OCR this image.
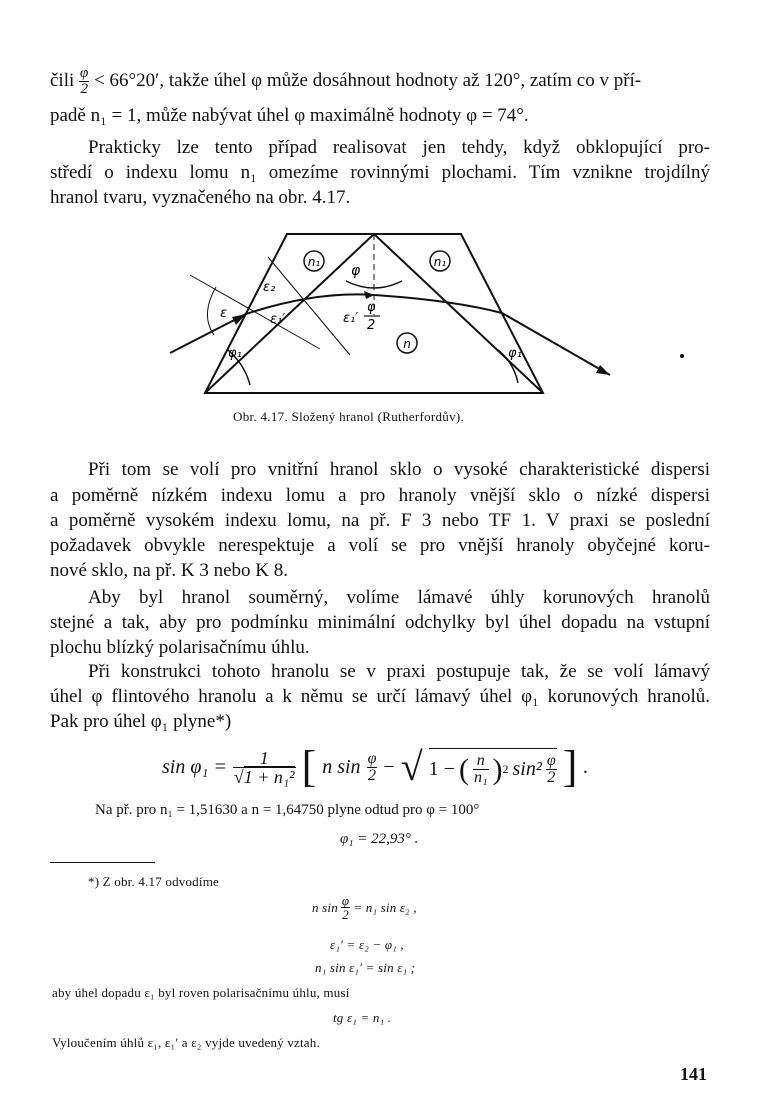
čili $\frac{\varphi}{2} < 66^\circ 20'$, takže úhel φ může dosáhnout hodnoty až 120°, zatím co v pří-
padě n₁ = 1, může nabývat úhel φ maximálně hodnoty φ = 74°.
Prakticky lze tento případ realisovat jen tehdy, když obklopující pro-
středí o indexu lomu n₁ omezíme rovinnými plochami. Tím vznikne trojdílný
hranol tvaru, vyznačeného na obr. 4.17.
n₁	n₁
n
φ
ε₂
ε	ε₁′	ε₁′
φ
2
φ₁	φ₁
Obr. 4.17. Složený hranol (Rutherfordův).
Při tom se volí pro vnitřní hranol sklo o vysoké charakteristické dispersi
a poměrně nízkém indexu lomu a pro hranoly vnější sklo o nízké dispersi
a poměrně vysokém indexu lomu, na př. F 3 nebo TF 1. V praxi se poslední
požadavek obvykle nerespektuje a volí se pro vnější hranoly obyčejné koru-
nové sklo, na př. K 3 nebo K 8.
Aby byl hranol souměrný, volíme lámavé úhly korunových hranolů
stejné a tak, aby pro podmínku minimální odchylky byl úhel dopadu na vstupní
plochu blízký polarisačnímu úhlu.
Při konstrukci tohoto hranolu se v praxi postupuje tak, že se volí lámavý
úhel φ flintového hranolu a k němu se určí lámavý úhel φ₁ korunových hranolů.
Pak pro úhel φ₁ plyne*)
$\sin \varphi_1 = \frac{1}{\text{√1 + n₁²}}$ [ n $\sin \frac{\varphi}{2}$ − √ 1 − ( $\frac{n}{\text{n₁}}$ ) 2 $\sin^2 \frac{\varphi}{2}$ ] .
Na př. pro n₁ = 1,51630 a n = 1,64750 plyne odtud pro φ = 100°
φ₁ = 22,93° .
*) Z obr. 4.17 odvodíme
n $\sin \frac{\varphi}{2} = n_1$ sin ε₂ ,
ε₁′ = ε₂ − φ₁ ,
n₁ sin ε₁′ = sin ε₁ ;
aby úhel dopadu ε₁ byl roven polarisačnímu úhlu, musí
tg ε₁ = n₁ .
Vyloučením úhlů ε₁, ε₁′ a ε₂ vyjde uvedený vztah.
141
